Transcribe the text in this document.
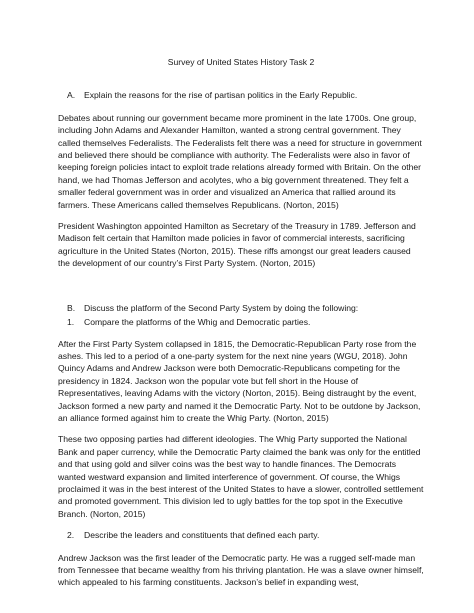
Survey of United States History Task 2
A.	Explain the reasons for the rise of partisan politics in the Early Republic.

Debates about running our government became more prominent in the late 1700s. One group, including John Adams and Alexander Hamilton, wanted a strong central government. They called themselves Federalists. The Federalists felt there was a need for structure in government and believed there should be compliance with authority. The Federalists were also in favor of keeping foreign policies intact to exploit trade relations already formed with Britain. On the other hand, we had Thomas Jefferson and acolytes, who a big government threatened. They felt a smaller federal government was in order and visualized an America that rallied around its farmers. These Americans called themselves Republicans. (Norton, 2015)

President Washington appointed Hamilton as Secretary of the Treasury in 1789. Jefferson and Madison felt certain that Hamilton made policies in favor of commercial interests, sacrificing agriculture in the United States (Norton, 2015). These riffs amongst our great leaders caused the development of our country’s First Party System. (Norton, 2015)

B.	Discuss the platform of the Second Party System by doing the following:
1.	Compare the platforms of the Whig and Democratic parties.

After the First Party System collapsed in 1815, the Democratic-Republican Party rose from the ashes. This led to a period of a one-party system for the next nine years (WGU, 2018). John Quincy Adams and Andrew Jackson were both Democratic-Republicans competing for the presidency in 1824. Jackson won the popular vote but fell short in the House of Representatives, leaving Adams with the victory (Norton, 2015). Being distraught by the event, Jackson formed a new party and named it the Democratic Party. Not to be outdone by Jackson, an alliance formed against him to create the Whig Party. (Norton, 2015)

These two opposing parties had different ideologies. The Whig Party supported the National Bank and paper currency, while the Democratic Party claimed the bank was only for the entitled and that using gold and silver coins was the best way to handle finances. The Democrats wanted westward expansion and limited interference of government. Of course, the Whigs proclaimed it was in the best interest of the United States to have a slower, controlled settlement and promoted government. This division led to ugly battles for the top spot in the Executive Branch. (Norton, 2015)

2.	Describe the leaders and constituents that defined each party.

Andrew Jackson was the first leader of the Democratic party. He was a rugged self-made man from Tennessee that became wealthy from his thriving plantation. He was a slave owner himself, which appealed to his farming constituents. Jackson’s belief in expanding west,
